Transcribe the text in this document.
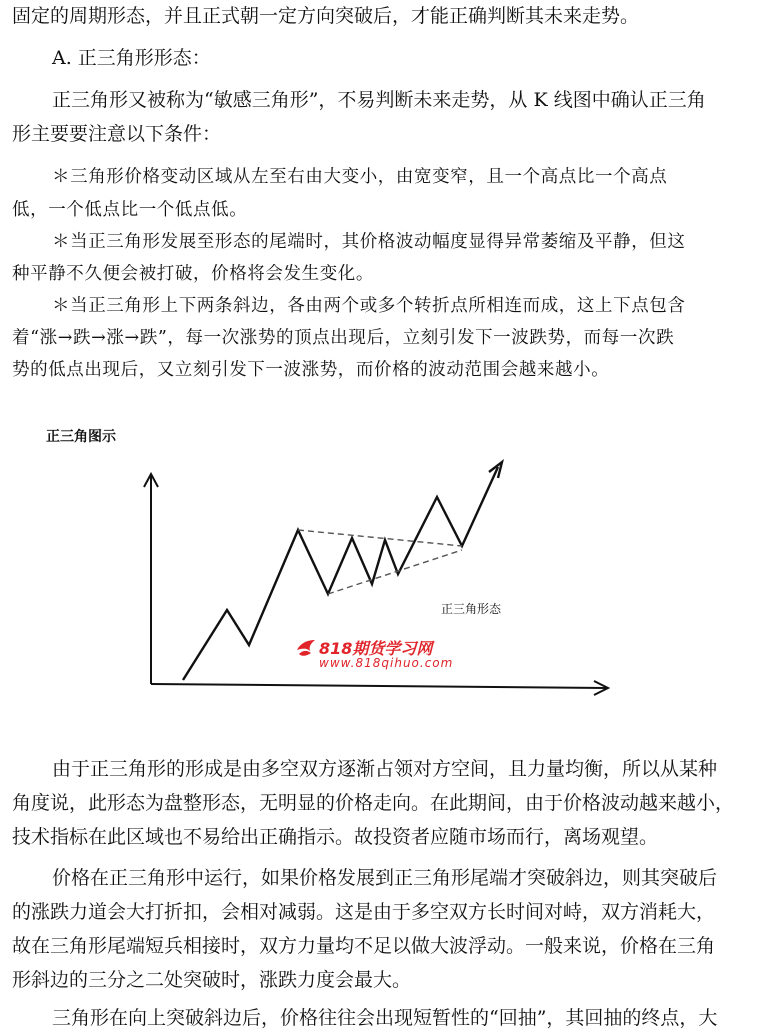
固定的周期形态，并且正式朝一定方向突破后，才能正确判断其未来走势。
A. 正三角形形态：
正三角形又被称为“敏感三角形”，不易判断未来走势，从 K 线图中确认正三角
形主要要注意以下条件：
＊三角形价格变动区域从左至右由大变小，由宽变窄，且一个高点比一个高点
低，一个低点比一个低点低。
＊当正三角形发展至形态的尾端时，其价格波动幅度显得异常萎缩及平静，但这
种平静不久便会被打破，价格将会发生变化。
＊当正三角形上下两条斜边，各由两个或多个转折点所相连而成，这上下点包含
着“涨→跌→涨→跌”，每一次涨势的顶点出现后，立刻引发下一波跌势，而每一次跌
势的低点出现后，又立刻引发下一波涨势，而价格的波动范围会越来越小。
正三角图示
正三角形态
818期货学习网
www.818qihuo.com
由于正三角形的形成是由多空双方逐渐占领对方空间，且力量均衡，所以从某种
角度说，此形态为盘整形态，无明显的价格走向。在此期间，由于价格波动越来越小，
技术指标在此区域也不易给出正确指示。故投资者应随市场而行，离场观望。
价格在正三角形中运行，如果价格发展到正三角形尾端才突破斜边，则其突破后
的涨跌力道会大打折扣，会相对减弱。这是由于多空双方长时间对峙，双方消耗大，
故在三角形尾端短兵相接时，双方力量均不足以做大波浮动。一般来说，价格在三角
形斜边的三分之二处突破时，涨跌力度会最大。
三角形在向上突破斜边后，价格往往会出现短暂性的“回抽”，其回抽的终点，大
